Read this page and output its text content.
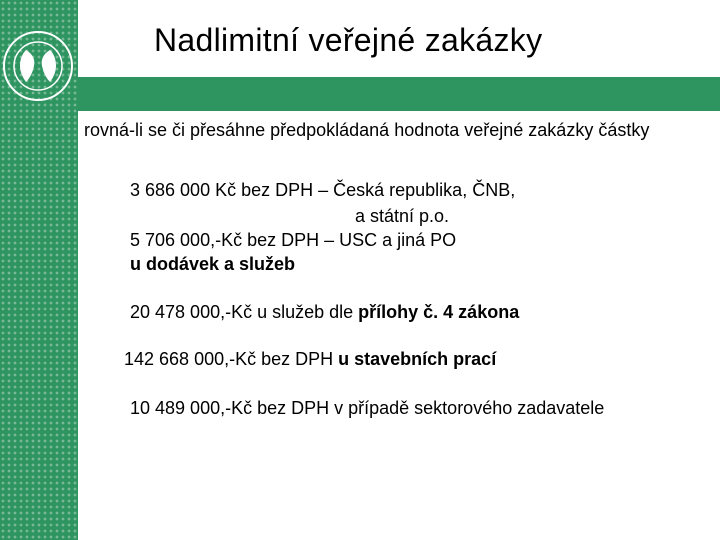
Nadlimitní veřejné zakázky
rovná-li se či přesáhne předpokládaná hodnota veřejné zakázky částky
3 686 000 Kč bez DPH – Česká republika, ČNB,
a státní p.o.
5 706 000,-Kč bez DPH – USC a jiná PO
u dodávek a služeb
20 478 000,-Kč u služeb dle přílohy č. 4 zákona
142 668 000,-Kč bez DPH u stavebních prací
10 489 000,-Kč bez DPH v případě sektorového zadavatele
